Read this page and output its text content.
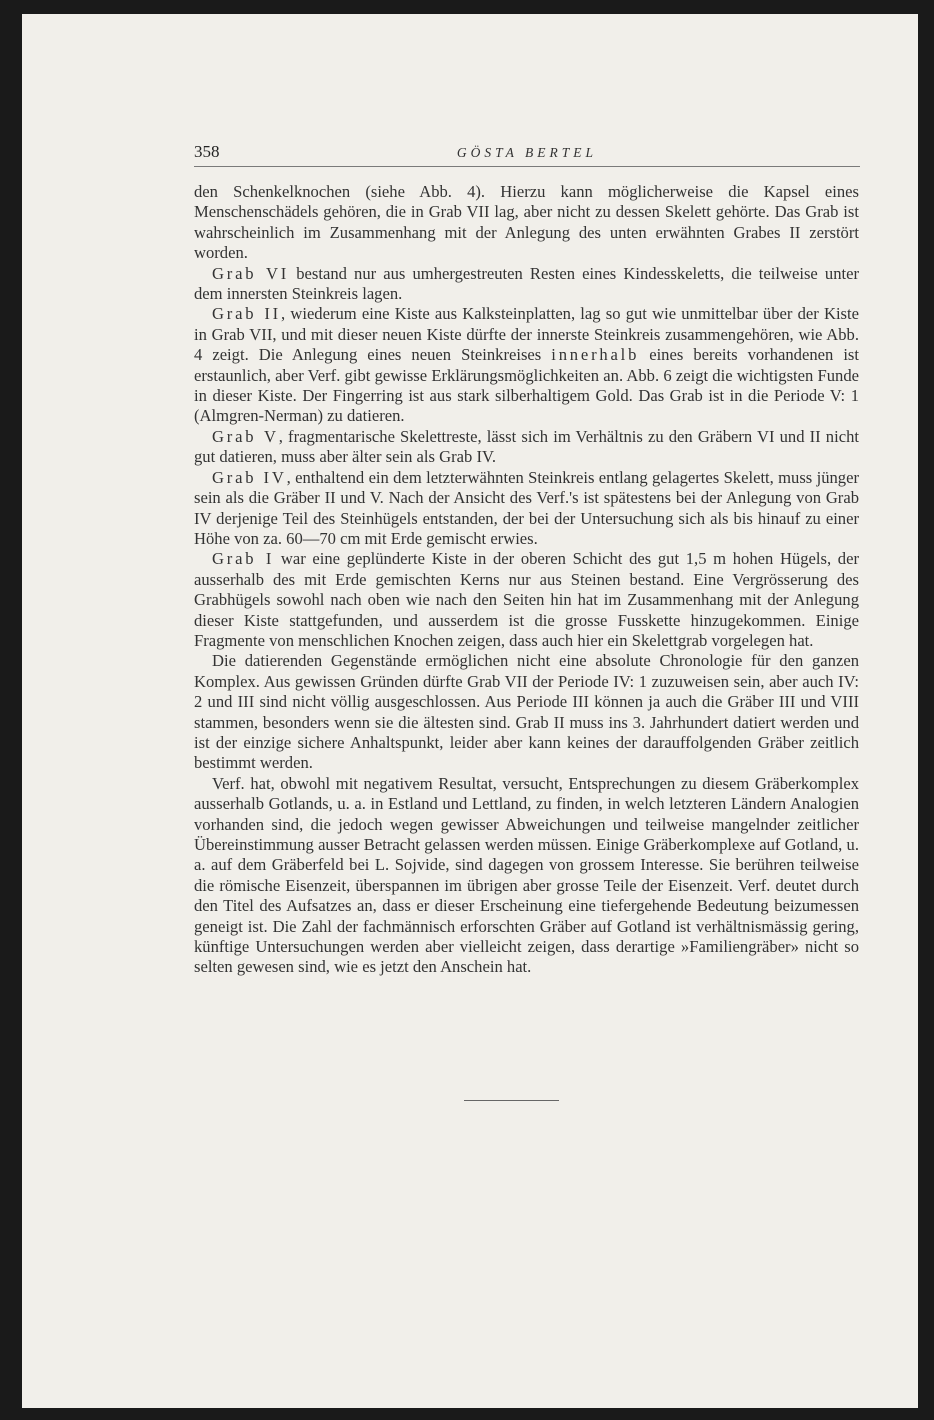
358	GÖSTA BERTEL

den Schenkelknochen (siehe Abb. 4). Hierzu kann möglicherweise die Kapsel eines Menschenschädels gehören, die in Grab VII lag, aber nicht zu dessen Skelett gehörte. Das Grab ist wahrscheinlich im Zusammenhang mit der Anlegung des unten erwähnten Grabes II zerstört worden.

Grab VI bestand nur aus umhergestreuten Resten eines Kindesskeletts, die teilweise unter dem innersten Steinkreis lagen.

Grab II, wiederum eine Kiste aus Kalksteinplatten, lag so gut wie unmittelbar über der Kiste in Grab VII, und mit dieser neuen Kiste dürfte der innerste Steinkreis zusammengehören, wie Abb. 4 zeigt. Die Anlegung eines neuen Steinkreises innerhalb eines bereits vorhandenen ist erstaunlich, aber Verf. gibt gewisse Erklärungsmöglichkeiten an. Abb. 6 zeigt die wichtigsten Funde in dieser Kiste. Der Fingerring ist aus stark silberhaltigem Gold. Das Grab ist in die Periode V: 1 (Almgren-Nerman) zu datieren.

Grab V, fragmentarische Skelettreste, lässt sich im Verhältnis zu den Gräbern VI und II nicht gut datieren, muss aber älter sein als Grab IV.

Grab IV, enthaltend ein dem letzterwähnten Steinkreis entlang gelagertes Skelett, muss jünger sein als die Gräber II und V. Nach der Ansicht des Verf.'s ist spätestens bei der Anlegung von Grab IV derjenige Teil des Steinhügels entstanden, der bei der Untersuchung sich als bis hinauf zu einer Höhe von za. 60—70 cm mit Erde gemischt erwies.

Grab I war eine geplünderte Kiste in der oberen Schicht des gut 1,5 m hohen Hügels, der ausserhalb des mit Erde gemischten Kerns nur aus Steinen bestand. Eine Vergrösserung des Grabhügels sowohl nach oben wie nach den Seiten hin hat im Zusammenhang mit der Anlegung dieser Kiste stattgefunden, und ausserdem ist die grosse Fusskette hinzugekommen. Einige Fragmente von menschlichen Knochen zeigen, dass auch hier ein Skelettgrab vorgelegen hat.

Die datierenden Gegenstände ermöglichen nicht eine absolute Chronologie für den ganzen Komplex. Aus gewissen Gründen dürfte Grab VII der Periode IV: 1 zuzuweisen sein, aber auch IV: 2 und III sind nicht völlig ausgeschlossen. Aus Periode III können ja auch die Gräber III und VIII stammen, besonders wenn sie die ältesten sind. Grab II muss ins 3. Jahrhundert datiert werden und ist der einzige sichere Anhaltspunkt, leider aber kann keines der darauffolgenden Gräber zeitlich bestimmt werden.

Verf. hat, obwohl mit negativem Resultat, versucht, Entsprechungen zu diesem Gräberkomplex ausserhalb Gotlands, u. a. in Estland und Lettland, zu finden, in welch letzteren Ländern Analogien vorhanden sind, die jedoch wegen gewisser Abweichungen und teilweise mangelnder zeitlicher Übereinstimmung ausser Betracht gelassen werden müssen. Einige Gräberkomplexe auf Gotland, u. a. auf dem Gräberfeld bei L. Sojvide, sind dagegen von grossem Interesse. Sie berühren teilweise die römische Eisenzeit, überspannen im übrigen aber grosse Teile der Eisenzeit. Verf. deutet durch den Titel des Aufsatzes an, dass er dieser Erscheinung eine tiefergehende Bedeutung beizumessen geneigt ist. Die Zahl der fachmännisch erforschten Gräber auf Gotland ist verhältnismässig gering, künftige Untersuchungen werden aber vielleicht zeigen, dass derartige »Familiengräber» nicht so selten gewesen sind, wie es jetzt den Anschein hat.
